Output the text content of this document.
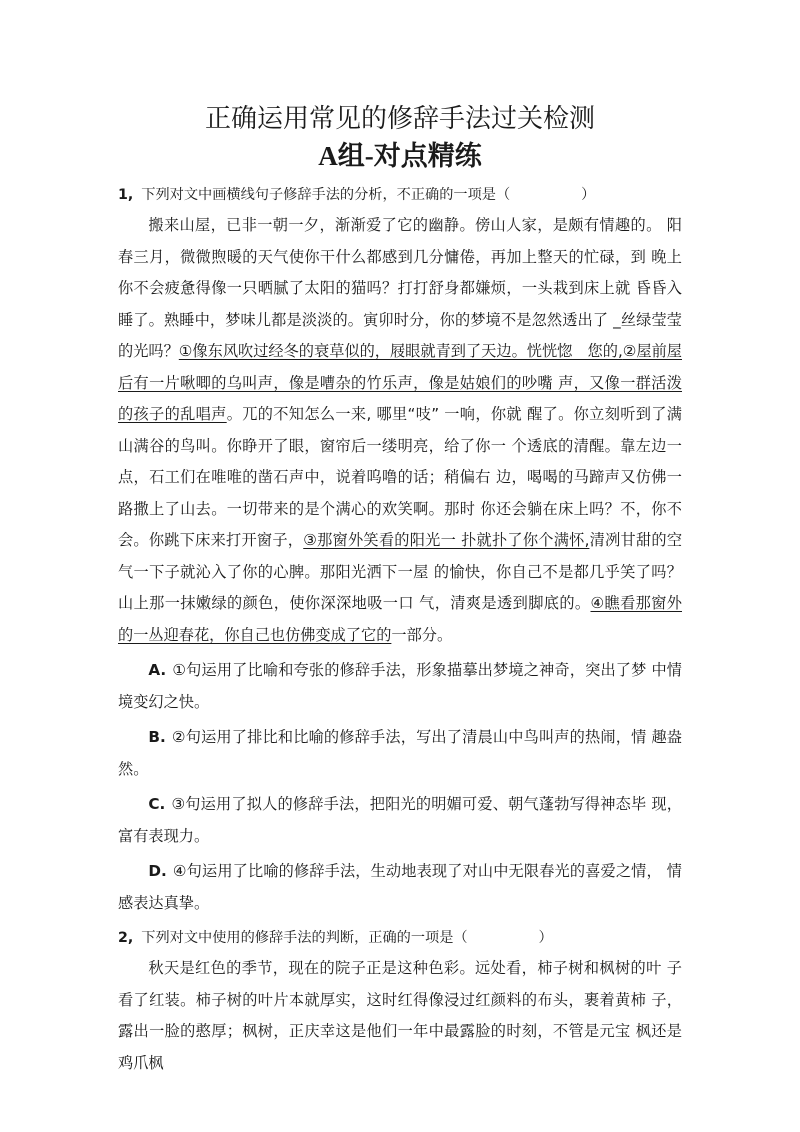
正确运用常见的修辞手法过关检测
A组-对点精练

1, 下列对文中画横线句子修辞手法的分析，不正确的一项是（　　　　　）

搬来山屋，已非一朝一夕，渐渐爱了它的幽静。傍山人家，是颇有情趣的。 阳春三月，微微煦暖的天气使你干什么都感到几分慵倦，再加上整天的忙碌，到 晚上你不会疲惫得像一只晒腻了太阳的猫吗？打打舒身都嫌烦，一头栽到床上就 昏昏入睡了。熟睡中，梦味儿都是淡淡的。寅卯时分，你的梦境不是忽然透出了 _丝绿莹莹的光吗？①像东风吹过经冬的衰草似的，屐眼就青到了天边。恍恍惚　您的,②屋前屋后有一片啾唧的乌叫声，像是嘈杂的竹乐声，像是姑娘们的吵嘴 声，又像一群活泼的孩子的乱唱声。兀的不知怎么一来, 哪里“吱” 一响，你就 醒了。你立刻听到了满山满谷的鸟叫。你睁开了眼，窗帘后一缕明亮，给了你一 个透底的清醒。靠左边一点，石工们在唯唯的凿石声中，说着呜噜的话；稍偏右 边，喝喝的马蹄声又仿佛一路撒上了山去。一切带来的是个满心的欢笑啊。那时 你还会躺在床上吗？不，你不会。你跳下床来打开窗子，③那窗外笑看的阳光一 扑就扑了你个满怀,清冽甘甜的空气一下子就沁入了你的心脾。那阳光洒下一屋 的愉快，你自己不是都几乎笑了吗？山上那一抹嫩绿的颜色，使你深深地吸一口 气，清爽是透到脚底的。④瞧看那窗外的一丛迎春花，你自己也仿佛变成了它的一部分。

A. ①句运用了比喻和夸张的修辞手法，形象描摹出梦境之神奇，突出了梦 中情境变幻之快。

B. ②句运用了排比和比喻的修辞手法，写出了清晨山中鸟叫声的热闹，情 趣盎然。

C. ③句运用了拟人的修辞手法，把阳光的明媚可爱、朝气蓬勃写得神态毕 现，富有表现力。

D. ④句运用了比喻的修辞手法，生动地表现了对山中无限春光的喜爱之情， 情感表达真挚。

2, 下列对文中使用的修辞手法的判断，正确的一项是（　　　　　）

秋天是红色的季节，现在的院子正是这种色彩。远处看，柿子树和枫树的叶 子看了红装。柿子树的叶片本就厚实，这时红得像浸过红颜料的布头，裹着黄柿 子，露出一脸的憨厚；枫树，正庆幸这是他们一年中最露脸的时刻，不管是元宝 枫还是鸡爪枫
